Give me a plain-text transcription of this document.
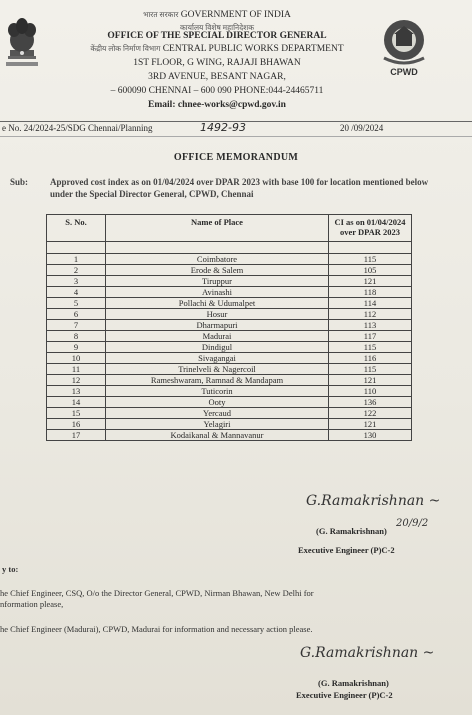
भारत सरकार GOVERNMENT OF INDIA
कार्यालय विशेष महानिदेशक
OFFICE OF THE SPECIAL DIRECTOR GENERAL
केंद्रीय लोक निर्माण विभाग CENTRAL PUBLIC WORKS DEPARTMENT
1ST FLOOR, G WING, RAJAJI BHAWAN
3RD AVENUE, BESANT NAGAR,
– 600090 CHENNAI – 600 090 PHONE:044-24465711
Email: chnee-works@cpwd.gov.in
CPWD
e No. 24/2024-25/SDG Chennai/Planning	1492-93	20 /09/2024
OFFICE MEMORANDUM
Sub: Approved cost index as on 01/04/2024 over DPAR 2023 with base 100 for location mentioned below under the Special Director General, CPWD, Chennai
S. No.	Name of Place	CI as on 01/04/2024 over DPAR 2023

1	Coimbatore	115
2	Erode & Salem	105
3	Tiruppur	121
4	Avinashi	118
5	Pollachi & Udumalpet	114
6	Hosur	112
7	Dharmapuri	113
8	Madurai	117
9	Dindigul	115
10	Sivagangai	116
11	Trinelveli & Nagercoil	115
12	Rameshwaram, Ramnad & Mandapam	121
13	Tuticorin	110
14	Ooty	136
15	Yercaud	122
16	Yelagiri	121
17	Kodaikanal & Mannavanur	130
G.Ramakrishnan ~
20/9/2
(G. Ramakrishnan)
Executive Engineer (P)C-2
y to:
he Chief Engineer, CSQ, O/o the Director General, CPWD, Nirman Bhawan, New Delhi for
nformation please,
he Chief Engineer (Madurai), CPWD, Madurai for information and necessary action please.
G.Ramakrishnan ~
(G. Ramakrishnan)
Executive Engineer (P)C-2
